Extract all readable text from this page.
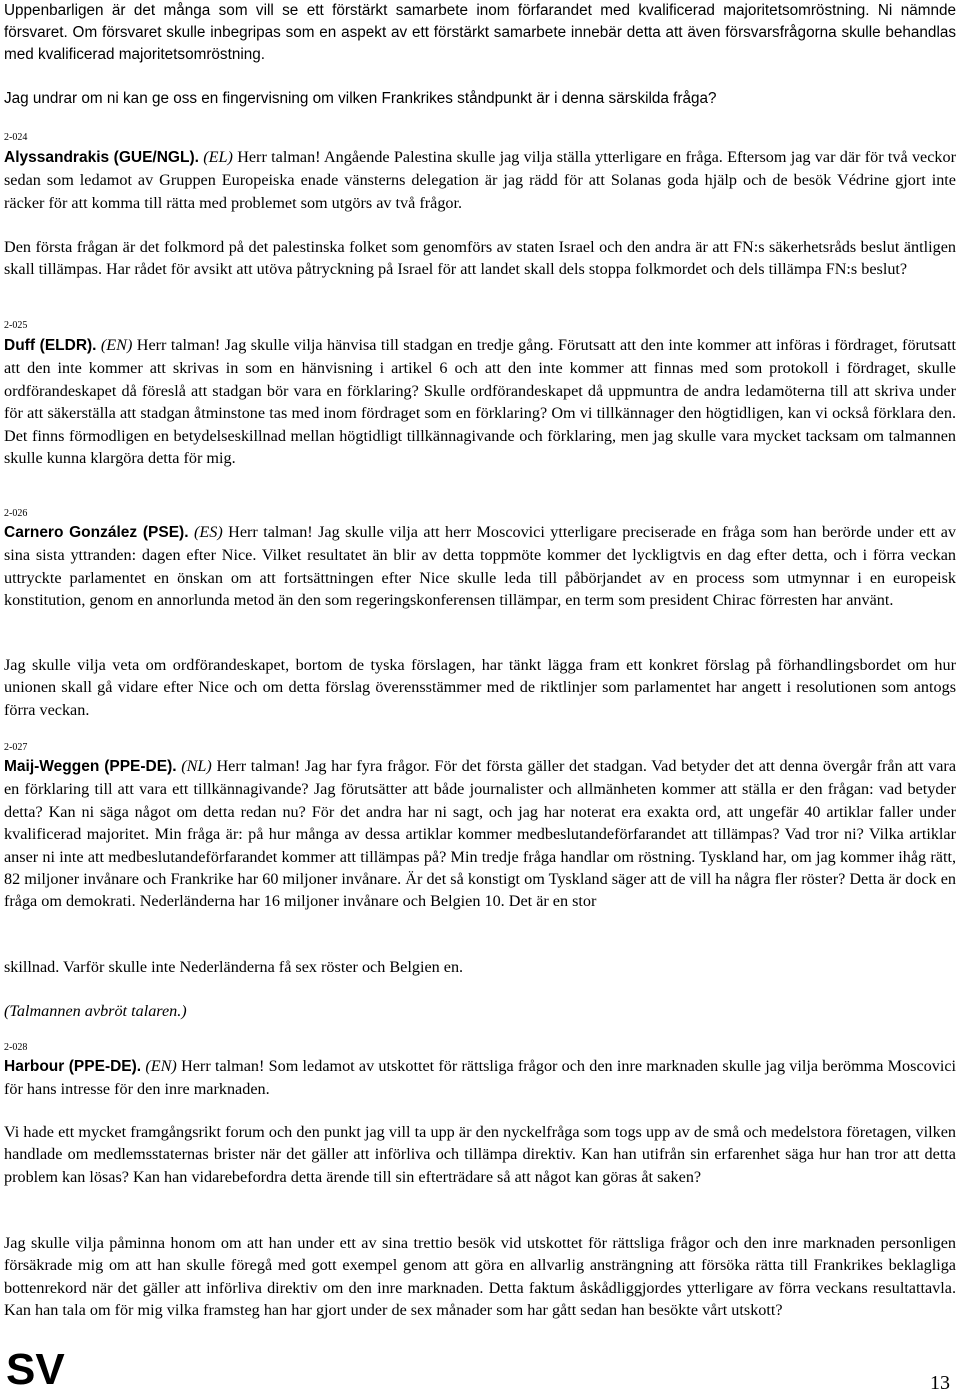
Uppenbarligen är det många som vill se ett förstärkt samarbete inom förfarandet med kvalificerad majoritetsomröstning. Ni nämnde försvaret. Om försvaret skulle inbegripas som en aspekt av ett förstärkt samarbete innebär detta att även försvarsfrågorna skulle behandlas med kvalificerad majoritetsomröstning.
Jag undrar om ni kan ge oss en fingervisning om vilken Frankrikes ståndpunkt är i denna särskilda fråga?
2-024
Alyssandrakis (GUE/NGL). (EL) Herr talman! Angående Palestina skulle jag vilja ställa ytterligare en fråga. Eftersom jag var där för två veckor sedan som ledamot av Gruppen Europeiska enade vänsterns delegation är jag rädd för att Solanas goda hjälp och de besök Védrine gjort inte räcker för att komma till rätta med problemet som utgörs av två frågor.
Den första frågan är det folkmord på det palestinska folket som genomförs av staten Israel och den andra är att FN:s säkerhetsråds beslut äntligen skall tillämpas. Har rådet för avsikt att utöva påtryckning på Israel för att landet skall dels stoppa folkmordet och dels tillämpa FN:s beslut?
2-025
Duff (ELDR). (EN) Herr talman! Jag skulle vilja hänvisa till stadgan en tredje gång. Förutsatt att den inte kommer att införas i fördraget, förutsatt att den inte kommer att skrivas in som en hänvisning i artikel 6 och att den inte kommer att finnas med som protokoll i fördraget, skulle ordförandeskapet då föreslå att stadgan bör vara en förklaring? Skulle ordförandeskapet då uppmuntra de andra ledamöterna till att skriva under för att säkerställa att stadgan åtminstone tas med inom fördraget som en förklaring? Om vi tillkännager den högtidligen, kan vi också förklara den. Det finns förmodligen en betydelseskillnad mellan högtidligt tillkännagivande och förklaring, men jag skulle vara mycket tacksam om talmannen skulle kunna klargöra detta för mig.
2-026
Carnero González (PSE). (ES) Herr talman! Jag skulle vilja att herr Moscovici ytterligare preciserade en fråga som han berörde under ett av sina sista yttranden: dagen efter Nice. Vilket resultatet än blir av detta toppmöte kommer det lyckligtvis en dag efter detta, och i förra veckan uttryckte parlamentet en önskan om att fortsättningen efter Nice skulle leda till påbörjandet av en process som utmynnar i en europeisk konstitution, genom en annorlunda metod än den som regeringskonferensen tillämpar, en term som president Chirac förresten har använt.
Jag skulle vilja veta om ordförandeskapet, bortom de tyska förslagen, har tänkt lägga fram ett konkret förslag på förhandlingsbordet om hur unionen skall gå vidare efter Nice och om detta förslag överensstämmer med de riktlinjer som parlamentet har angett i resolutionen som antogs förra veckan.
2-027
Maij-Weggen (PPE-DE). (NL) Herr talman! Jag har fyra frågor. För det första gäller det stadgan. Vad betyder det att denna övergår från att vara en förklaring till att vara ett tillkännagivande? Jag förutsätter att både journalister och allmänheten kommer att ställa er den frågan: vad betyder detta? Kan ni säga något om detta redan nu? För det andra har ni sagt, och jag har noterat era exakta ord, att ungefär 40 artiklar faller under kvalificerad majoritet. Min fråga är: på hur många av dessa artiklar kommer medbeslutandeförfarandet att tillämpas? Vad tror ni? Vilka artiklar anser ni inte att medbeslutandeförfarandet kommer att tillämpas på? Min tredje fråga handlar om röstning. Tyskland har, om jag kommer ihåg rätt, 82 miljoner invånare och Frankrike har 60 miljoner invånare. Är det så konstigt om Tyskland säger att de vill ha några fler röster? Detta är dock en fråga om demokrati. Nederländerna har 16 miljoner invånare och Belgien 10. Det är en stor
skillnad. Varför skulle inte Nederländerna få sex röster och Belgien en.
(Talmannen avbröt talaren.)
2-028
Harbour (PPE-DE). (EN) Herr talman! Som ledamot av utskottet för rättsliga frågor och den inre marknaden skulle jag vilja berömma Moscovici för hans intresse för den inre marknaden.
Vi hade ett mycket framgångsrikt forum och den punkt jag vill ta upp är den nyckelfråga som togs upp av de små och medelstora företagen, vilken handlade om medlemsstaternas brister när det gäller att införliva och tillämpa direktiv. Kan han utifrån sin erfarenhet säga hur han tror att detta problem kan lösas? Kan han vidarebefordra detta ärende till sin efterträdare så att något kan göras åt saken?
Jag skulle vilja påminna honom om att han under ett av sina trettio besök vid utskottet för rättsliga frågor och den inre marknaden personligen försäkrade mig om att han skulle föregå med gott exempel genom att göra en allvarlig ansträngning att försöka rätta till Frankrikes beklagliga bottenrekord när det gäller att införliva direktiv om den inre marknaden. Detta faktum åskådliggjordes ytterligare av förra veckans resultattavla. Kan han tala om för mig vilka framsteg han har gjort under de sex månader som har gått sedan han besökte vårt utskott?
SV	13
